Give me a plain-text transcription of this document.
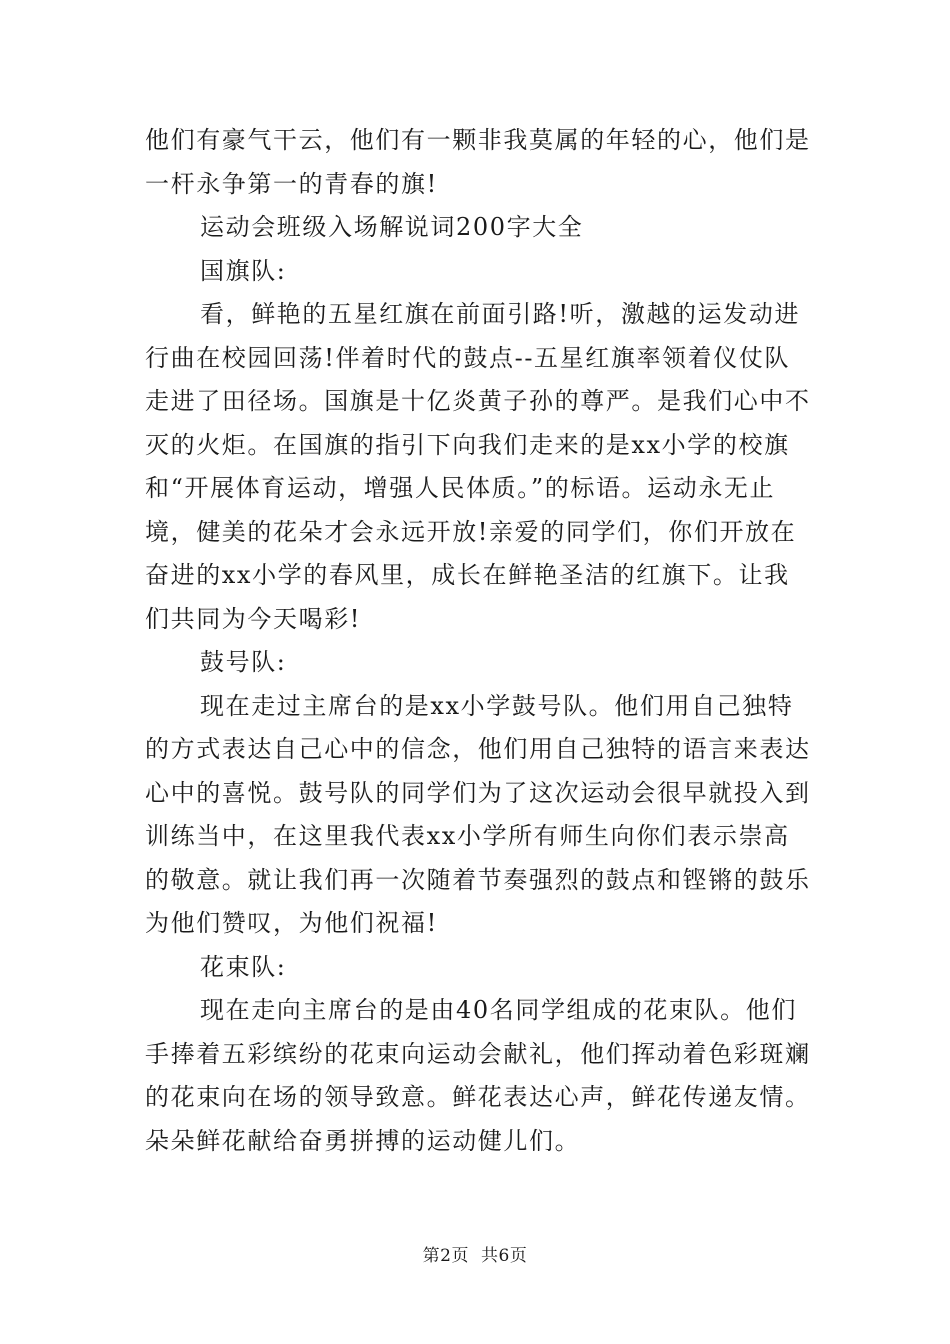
他们有豪气干云，他们有一颗非我莫属的年轻的心，他们是
一杆永争第一的青春的旗!
运动会班级入场解说词200字大全
国旗队:
看，鲜艳的五星红旗在前面引路!听，激越的运发动进
行曲在校园回荡!伴着时代的鼓点--五星红旗率领着仪仗队
走进了田径场。国旗是十亿炎黄子孙的尊严。是我们心中不
灭的火炬。在国旗的指引下向我们走来的是xx小学的校旗
和“开展体育运动，增强人民体质。”的标语。运动永无止
境，健美的花朵才会永远开放!亲爱的同学们，你们开放在
奋进的xx小学的春风里，成长在鲜艳圣洁的红旗下。让我
们共同为今天喝彩!
鼓号队:
现在走过主席台的是xx小学鼓号队。他们用自己独特
的方式表达自己心中的信念，他们用自己独特的语言来表达
心中的喜悦。鼓号队的同学们为了这次运动会很早就投入到
训练当中，在这里我代表xx小学所有师生向你们表示崇高
的敬意。就让我们再一次随着节奏强烈的鼓点和铿锵的鼓乐
为他们赞叹，为他们祝福!
花束队:
现在走向主席台的是由40名同学组成的花束队。他们
手捧着五彩缤纷的花束向运动会献礼，他们挥动着色彩斑斓
的花束向在场的领导致意。鲜花表达心声，鲜花传递友情。
朵朵鲜花献给奋勇拼搏的运动健儿们。
第2页 共6页
